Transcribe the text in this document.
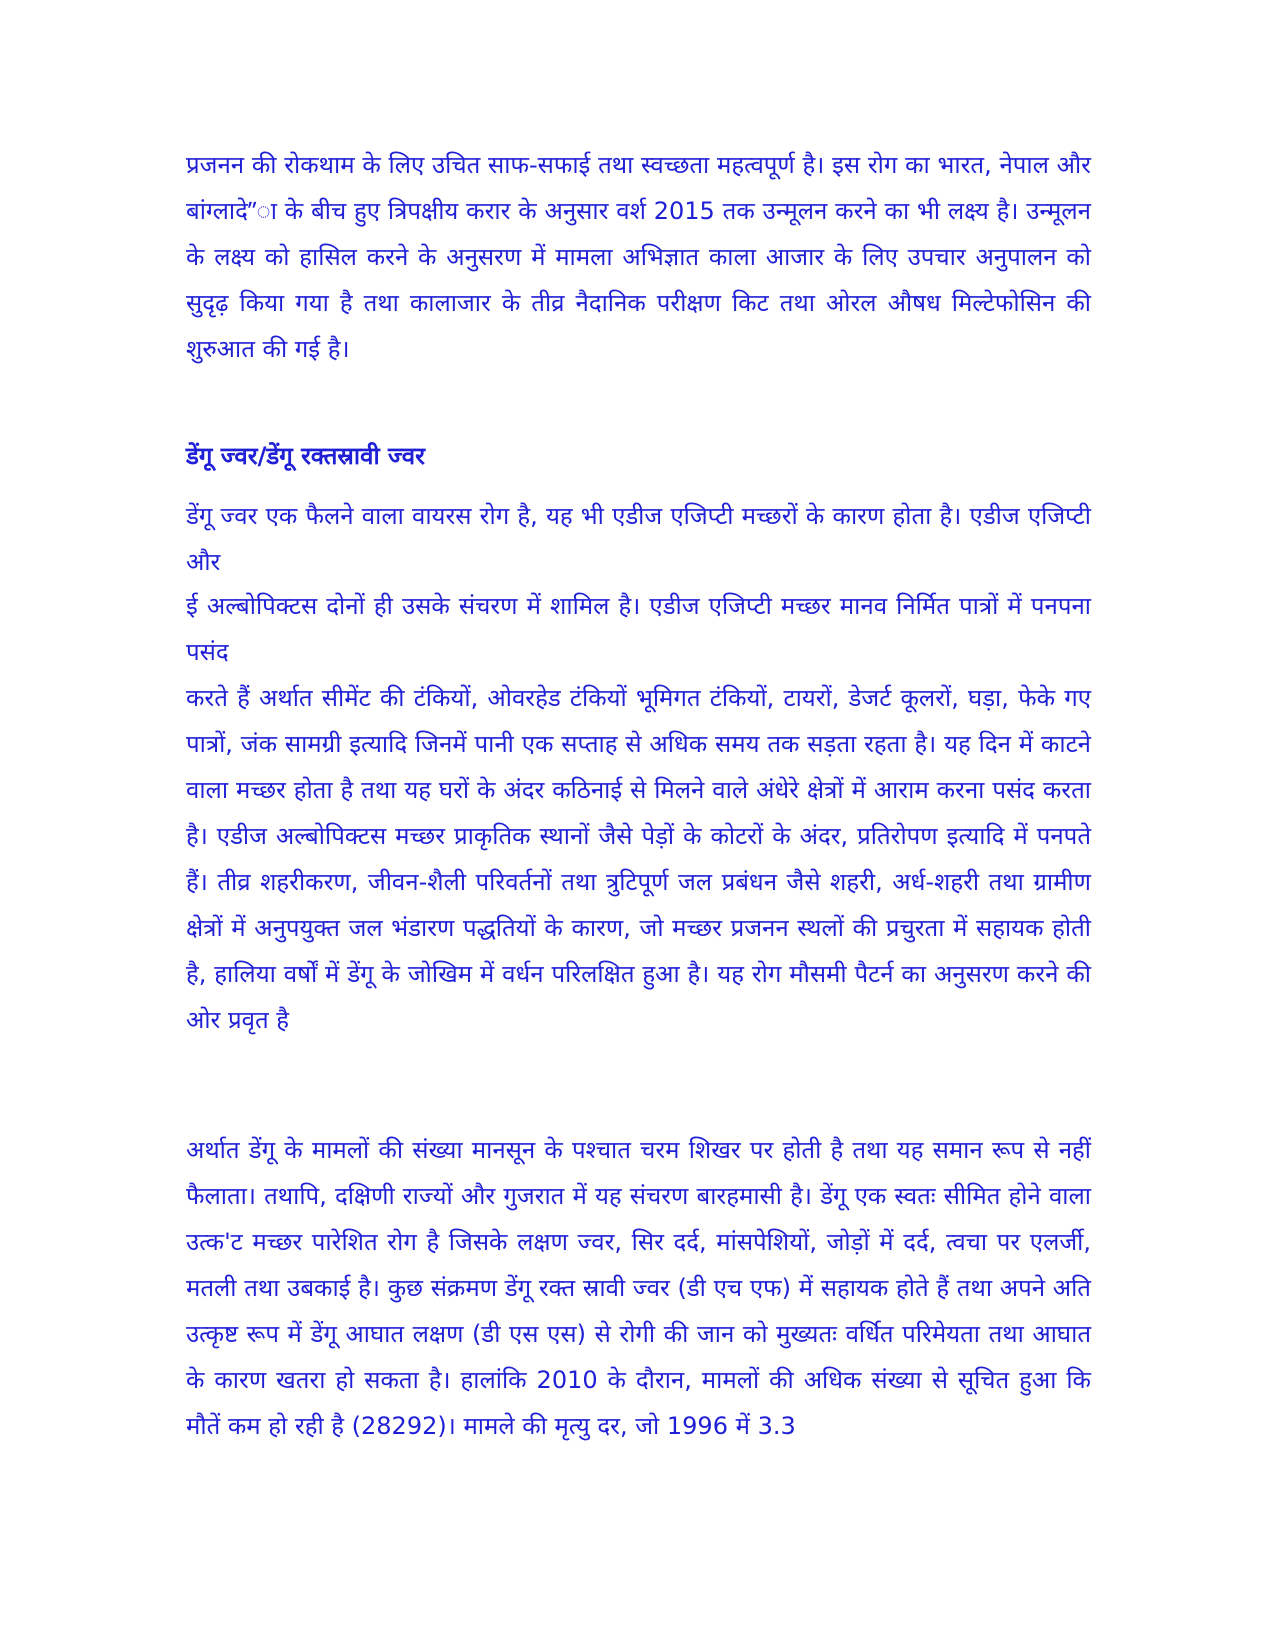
प्रजनन की रोकथाम के लिए उचित साफ-सफाई तथा स्वच्छता महत्वपूर्ण है। इस रोग का भारत, नेपाल और बांग्लादे”ा के बीच हुए त्रिपक्षीय करार के अनुसार वर्श 2015 तक उन्मूलन करने का भी लक्ष्य है। उन्मूलन के लक्ष्य को हासिल करने के अनुसरण में मामला अभिज्ञात काला आजार के लिए उपचार अनुपालन को सुदृढ़ किया गया है तथा कालाजार के तीव्र नैदानिक परीक्षण किट तथा ओरल औषध मिल्टेफोसिन की शुरुआत की गई है।

डेंगू ज्वर/डेंगू रक्तस्रावी ज्वर

डेंगू ज्वर एक फैलने वाला वायरस रोग है, यह भी एडीज एजिप्टी मच्छरों के कारण होता है। एडीज एजिप्टी और

ई अल्बोपिक्टस दोनों ही उसके संचरण में शामिल है। एडीज एजिप्टी मच्छर मानव निर्मित पात्रों में पनपना पसंद

करते हैं अर्थात सीमेंट की टंकियों, ओवरहेड टंकियों भूमिगत टंकियों, टायरों, डेजर्ट कूलरों, घड़ा, फेके गए पात्रों, जंक सामग्री इत्यादि जिनमें पानी एक सप्ताह से अधिक समय तक सड़ता रहता है। यह दिन में काटने वाला मच्छर होता है तथा यह घरों के अंदर कठिनाई से मिलने वाले अंधेरे क्षेत्रों में आराम करना पसंद करता है। एडीज अल्बोपिक्टस मच्छर प्राकृतिक स्थानों जैसे पेड़ों के कोटरों के अंदर, प्रतिरोपण इत्यादि में पनपते हैं। तीव्र शहरीकरण, जीवन-शैली परिवर्तनों तथा त्रुटिपूर्ण जल प्रबंधन जैसे शहरी, अर्ध-शहरी तथा ग्रामीण क्षेत्रों में अनुपयुक्त जल भंडारण पद्धतियों के कारण, जो मच्छर प्रजनन स्थलों की प्रचुरता में सहायक होती है, हालिया वर्षों में डेंगू के जोखिम में वर्धन परिलक्षित हुआ है। यह रोग मौसमी पैटर्न का अनुसरण करने की ओर प्रवृत है

अर्थात डेंगू के मामलों की संख्या मानसून के पश्चात चरम शिखर पर होती है तथा यह समान रूप से नहीं फैलाता। तथापि, दक्षिणी राज्यों और गुजरात में यह संचरण बारहमासी है। डेंगू एक स्वतः सीमित होने वाला उत्क'ट मच्छर पारेशित रोग है जिसके लक्षण ज्वर, सिर दर्द, मांसपेशियों, जोड़ों में दर्द, त्वचा पर एलर्जी, मतली तथा उबकाई है। कुछ संक्रमण डेंगू रक्त स्रावी ज्वर (डी एच एफ) में सहायक होते हैं तथा अपने अति उत्कृष्ट रूप में डेंगू आघात लक्षण (डी एस एस) से रोगी की जान को मुख्यतः वर्धित परिमेयता तथा आघात के कारण खतरा हो सकता है। हालांकि 2010 के दौरान, मामलों की अधिक संख्या से सूचित हुआ कि मौतें कम हो रही है (28292)। मामले की मृत्यु दर, जो 1996 में 3.3
